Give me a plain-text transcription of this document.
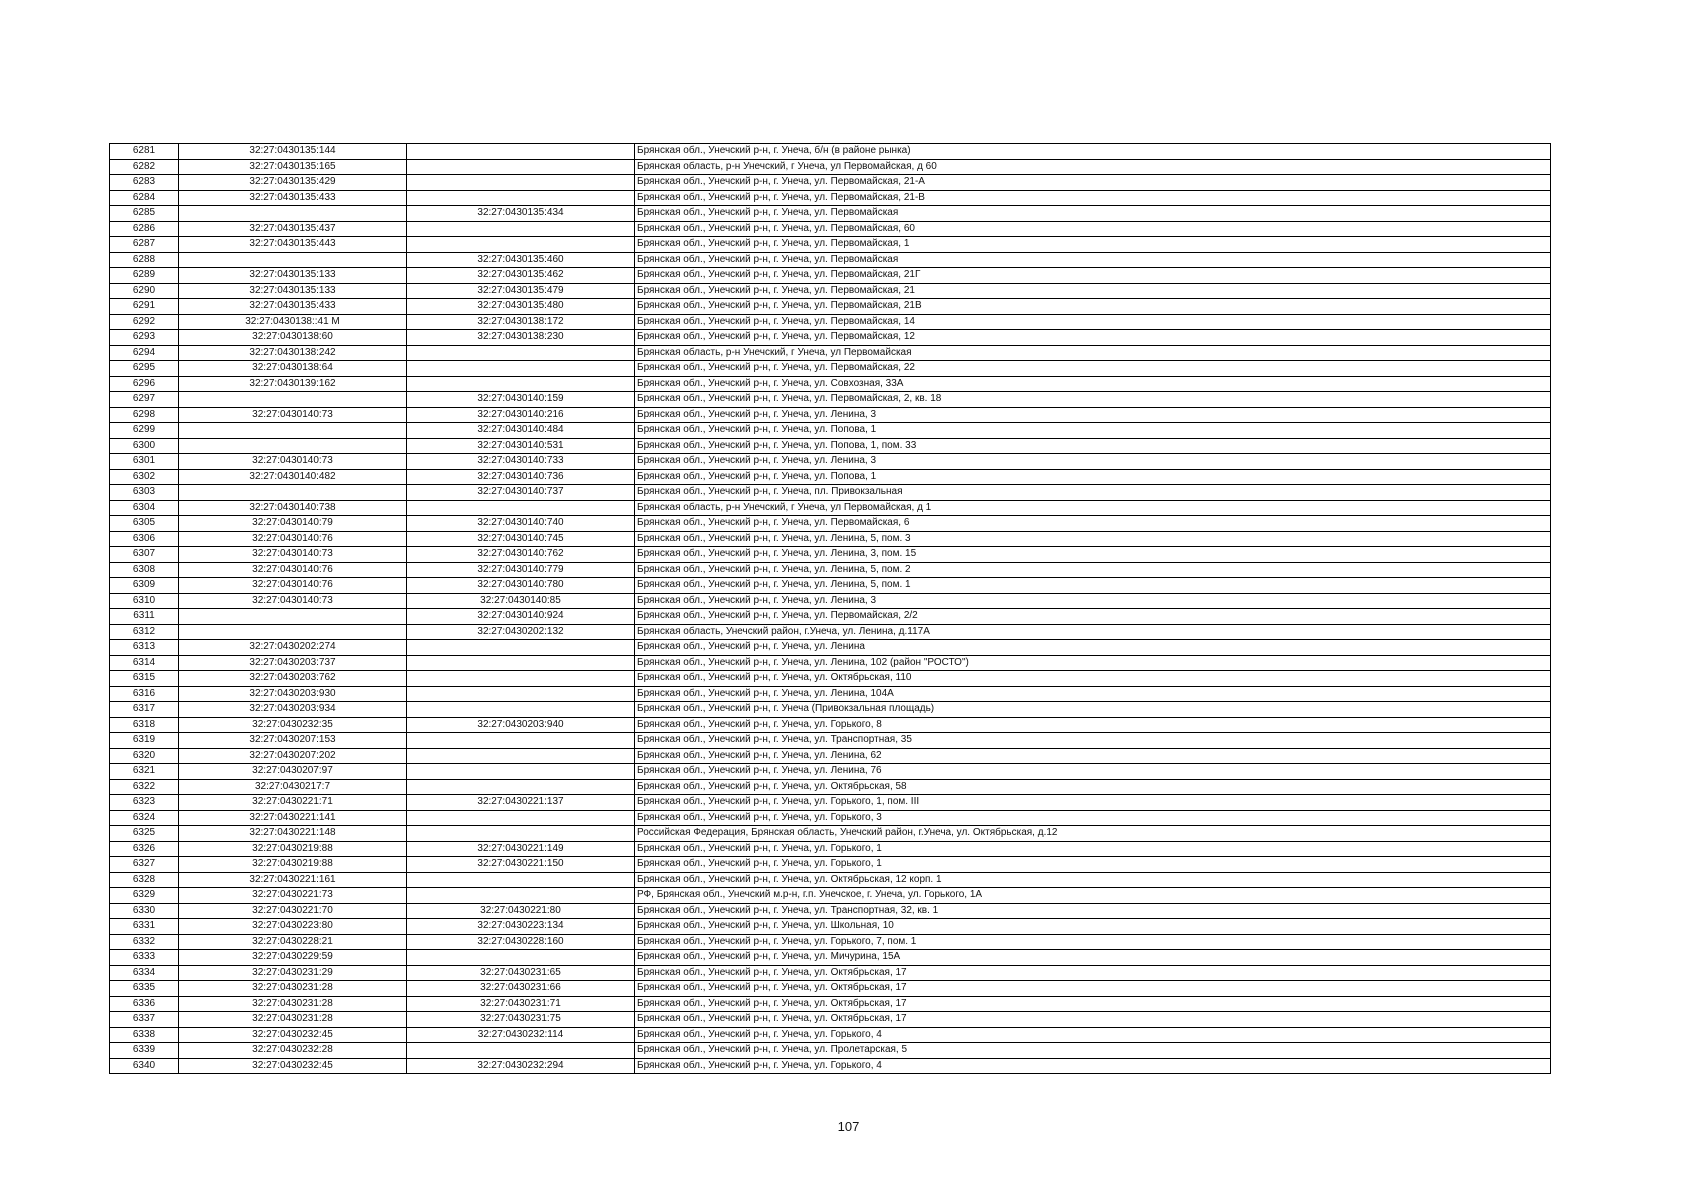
6281	32:27:0430135:144		Брянская обл., Унечский р-н, г. Унеча, б/н (в районе рынка)
6282	32:27:0430135:165		Брянская область, р-н Унечский, г Унеча, ул Первомайская, д 60
6283	32:27:0430135:429		Брянская обл., Унечский р-н, г. Унеча, ул. Первомайская, 21-А
6284	32:27:0430135:433		Брянская обл., Унечский р-н, г. Унеча, ул. Первомайская, 21-В
6285		32:27:0430135:434	Брянская обл., Унечский р-н, г. Унеча, ул. Первомайская
6286	32:27:0430135:437		Брянская обл., Унечский р-н, г. Унеча, ул. Первомайская, 60
6287	32:27:0430135:443		Брянская обл., Унечский р-н, г. Унеча, ул. Первомайская, 1
6288		32:27:0430135:460	Брянская обл., Унечский р-н, г. Унеча, ул. Первомайская
6289	32:27:0430135:133	32:27:0430135:462	Брянская обл., Унечский р-н, г. Унеча, ул. Первомайская, 21Г
6290	32:27:0430135:133	32:27:0430135:479	Брянская обл., Унечский р-н, г. Унеча, ул. Первомайская, 21
6291	32:27:0430135:433	32:27:0430135:480	Брянская обл., Унечский р-н, г. Унеча, ул. Первомайская, 21В
6292	32:27:0430138::41 М	32:27:0430138:172	Брянская обл., Унечский р-н, г. Унеча, ул. Первомайская, 14
6293	32:27:0430138:60	32:27:0430138:230	Брянская обл., Унечский р-н, г. Унеча, ул. Первомайская, 12
6294	32:27:0430138:242		Брянская область, р-н Унечский, г Унеча, ул Первомайская
6295	32:27:0430138:64		Брянская обл., Унечский р-н, г. Унеча, ул. Первомайская, 22
6296	32:27:0430139:162		Брянская обл., Унечский р-н, г. Унеча, ул. Совхозная, 33А
6297		32:27:0430140:159	Брянская обл., Унечский р-н, г. Унеча, ул. Первомайская, 2, кв. 18
6298	32:27:0430140:73	32:27:0430140:216	Брянская обл., Унечский р-н, г. Унеча, ул. Ленина, 3
6299		32:27:0430140:484	Брянская обл., Унечский р-н, г. Унеча, ул. Попова, 1
6300		32:27:0430140:531	Брянская обл., Унечский р-н, г. Унеча, ул. Попова, 1, пом. 33
6301	32:27:0430140:73	32:27:0430140:733	Брянская обл., Унечский р-н, г. Унеча, ул. Ленина, 3
6302	32:27:0430140:482	32:27:0430140:736	Брянская обл., Унечский р-н, г. Унеча, ул. Попова, 1
6303		32:27:0430140:737	Брянская обл., Унечский р-н, г. Унеча, пл. Привокзальная
6304	32:27:0430140:738		Брянская область, р-н Унечский, г Унеча, ул Первомайская, д 1
6305	32:27:0430140:79	32:27:0430140:740	Брянская обл., Унечский р-н, г. Унеча, ул. Первомайская, 6
6306	32:27:0430140:76	32:27:0430140:745	Брянская обл., Унечский р-н, г. Унеча, ул. Ленина, 5, пом. 3
6307	32:27:0430140:73	32:27:0430140:762	Брянская обл., Унечский р-н, г. Унеча, ул. Ленина, 3, пом. 15
6308	32:27:0430140:76	32:27:0430140:779	Брянская обл., Унечский р-н, г. Унеча, ул. Ленина, 5, пом. 2
6309	32:27:0430140:76	32:27:0430140:780	Брянская обл., Унечский р-н, г. Унеча, ул. Ленина, 5, пом. 1
6310	32:27:0430140:73	32:27:0430140:85	Брянская обл., Унечский р-н, г. Унеча, ул. Ленина, 3
6311		32:27:0430140:924	Брянская обл., Унечский р-н, г. Унеча, ул. Первомайская, 2/2
6312		32:27:0430202:132	Брянская область, Унечский район, г.Унеча, ул. Ленина, д.117А
6313	32:27:0430202:274		Брянская обл., Унечский р-н, г. Унеча, ул. Ленина
6314	32:27:0430203:737		Брянская обл., Унечский р-н, г. Унеча, ул. Ленина, 102 (район "РОСТО")
6315	32:27:0430203:762		Брянская обл., Унечский р-н, г. Унеча, ул. Октябрьская, 110
6316	32:27:0430203:930		Брянская обл., Унечский р-н, г. Унеча, ул. Ленина, 104А
6317	32:27:0430203:934		Брянская обл., Унечский р-н, г. Унеча (Привокзальная площадь)
6318	32:27:0430232:35	32:27:0430203:940	Брянская обл., Унечский р-н, г. Унеча, ул. Горького, 8
6319	32:27:0430207:153		Брянская обл., Унечский р-н, г. Унеча, ул. Транспортная, 35
6320	32:27:0430207:202		Брянская обл., Унечский р-н, г. Унеча, ул. Ленина, 62
6321	32:27:0430207:97		Брянская обл., Унечский р-н, г. Унеча, ул. Ленина, 76
6322	32:27:0430217:7		Брянская обл., Унечский р-н, г. Унеча, ул. Октябрьская, 58
6323	32:27:0430221:71	32:27:0430221:137	Брянская обл., Унечский р-н, г. Унеча, ул. Горького, 1, пом. III
6324	32:27:0430221:141		Брянская обл., Унечский р-н, г. Унеча, ул. Горького, 3
6325	32:27:0430221:148		Российская Федерация, Брянская область, Унечский район, г.Унеча, ул. Октябрьская, д.12
6326	32:27:0430219:88	32:27:0430221:149	Брянская обл., Унечский р-н, г. Унеча, ул. Горького, 1
6327	32:27:0430219:88	32:27:0430221:150	Брянская обл., Унечский р-н, г. Унеча, ул. Горького, 1
6328	32:27:0430221:161		Брянская обл., Унечский р-н, г. Унеча, ул. Октябрьская, 12 корп. 1
6329	32:27:0430221:73		РФ, Брянская обл., Унечский м.р-н, г.п. Унечское, г. Унеча, ул. Горького, 1А
6330	32:27:0430221:70	32:27:0430221:80	Брянская обл., Унечский р-н, г. Унеча, ул. Транспортная, 32, кв. 1
6331	32:27:0430223:80	32:27:0430223:134	Брянская обл., Унечский р-н, г. Унеча, ул. Школьная, 10
6332	32:27:0430228:21	32:27:0430228:160	Брянская обл., Унечский р-н, г. Унеча, ул. Горького, 7, пом. 1
6333	32:27:0430229:59		Брянская обл., Унечский р-н, г. Унеча, ул. Мичурина, 15А
6334	32:27:0430231:29	32:27:0430231:65	Брянская обл., Унечский р-н, г. Унеча, ул. Октябрьская, 17
6335	32:27:0430231:28	32:27:0430231:66	Брянская обл., Унечский р-н, г. Унеча, ул. Октябрьская, 17
6336	32:27:0430231:28	32:27:0430231:71	Брянская обл., Унечский р-н, г. Унеча, ул. Октябрьская, 17
6337	32:27:0430231:28	32:27:0430231:75	Брянская обл., Унечский р-н, г. Унеча, ул. Октябрьская, 17
6338	32:27:0430232:45	32:27:0430232:114	Брянская обл., Унечский р-н, г. Унеча, ул. Горького, 4
6339	32:27:0430232:28		Брянская обл., Унечский р-н, г. Унеча, ул. Пролетарская, 5
6340	32:27:0430232:45	32:27:0430232:294	Брянская обл., Унечский р-н, г. Унеча, ул. Горького, 4
107
